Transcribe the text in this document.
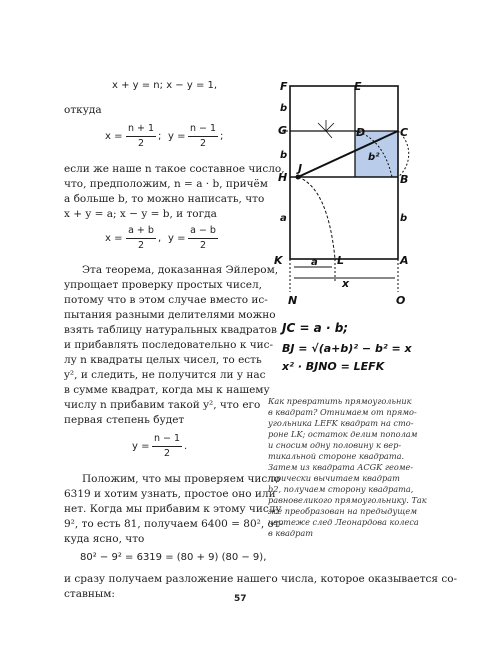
x + y = n; x − y = 1,
откуда
x =
n + 1
2
; y =
n − 1
2
;
если же наше n такое составное число,
что, предположим, n = a · b, причём
a больше b, то можно написать, что
x + y = a; x − y = b, и тогда
x =
a + b
2
, y =
a − b
2
Эта теорема, доказанная Эйлером,
упрощает проверку простых чисел,
потому что в этом случае вместо ис-
пытания разными делителями можно
взять таблицу натуральных квадратов
и прибавлять последовательно к чис-
лу n квадраты целых чисел, то есть
y², и следить, не получится ли у нас
в сумме квадрат, когда мы к нашему
числу n прибавим такой y², что его
первая степень будет
y =
n − 1
2
.
Положим, что мы проверяем число
6319 и хотим узнать, простое оно или
нет. Когда мы прибавим к этому числу
9², то есть 81, получаем 6400 = 80², от-
куда ясно, что
80² − 9² = 6319 = (80 + 9) (80 − 9),
и сразу получаем разложение нашего числа, которое оказывается со-
ставным:
F	E
b
G	D	C
b
H
J
B
b²
a	b
K	L	A
a
x
N	O
JC = a · b;
BJ = √(a+b)² − b² = x
x² · BJNO = LEFK
Как превратить прямоугольник
в квадрат? Отнимаем от прямо-
угольника LEFK квадрат на сто-
роне LK; остаток делим пополам
и сносим одну половину к вер-
тикальной стороне квадрата.
Затем из квадрата ACGK геоме-
трически вычитаем квадрат
b2, получаем сторону квадрата,
равновеликого прямоугольнику. Так
же преобразован на предыдущем
чертеже след Леонардова колеса
в квадрат
57
